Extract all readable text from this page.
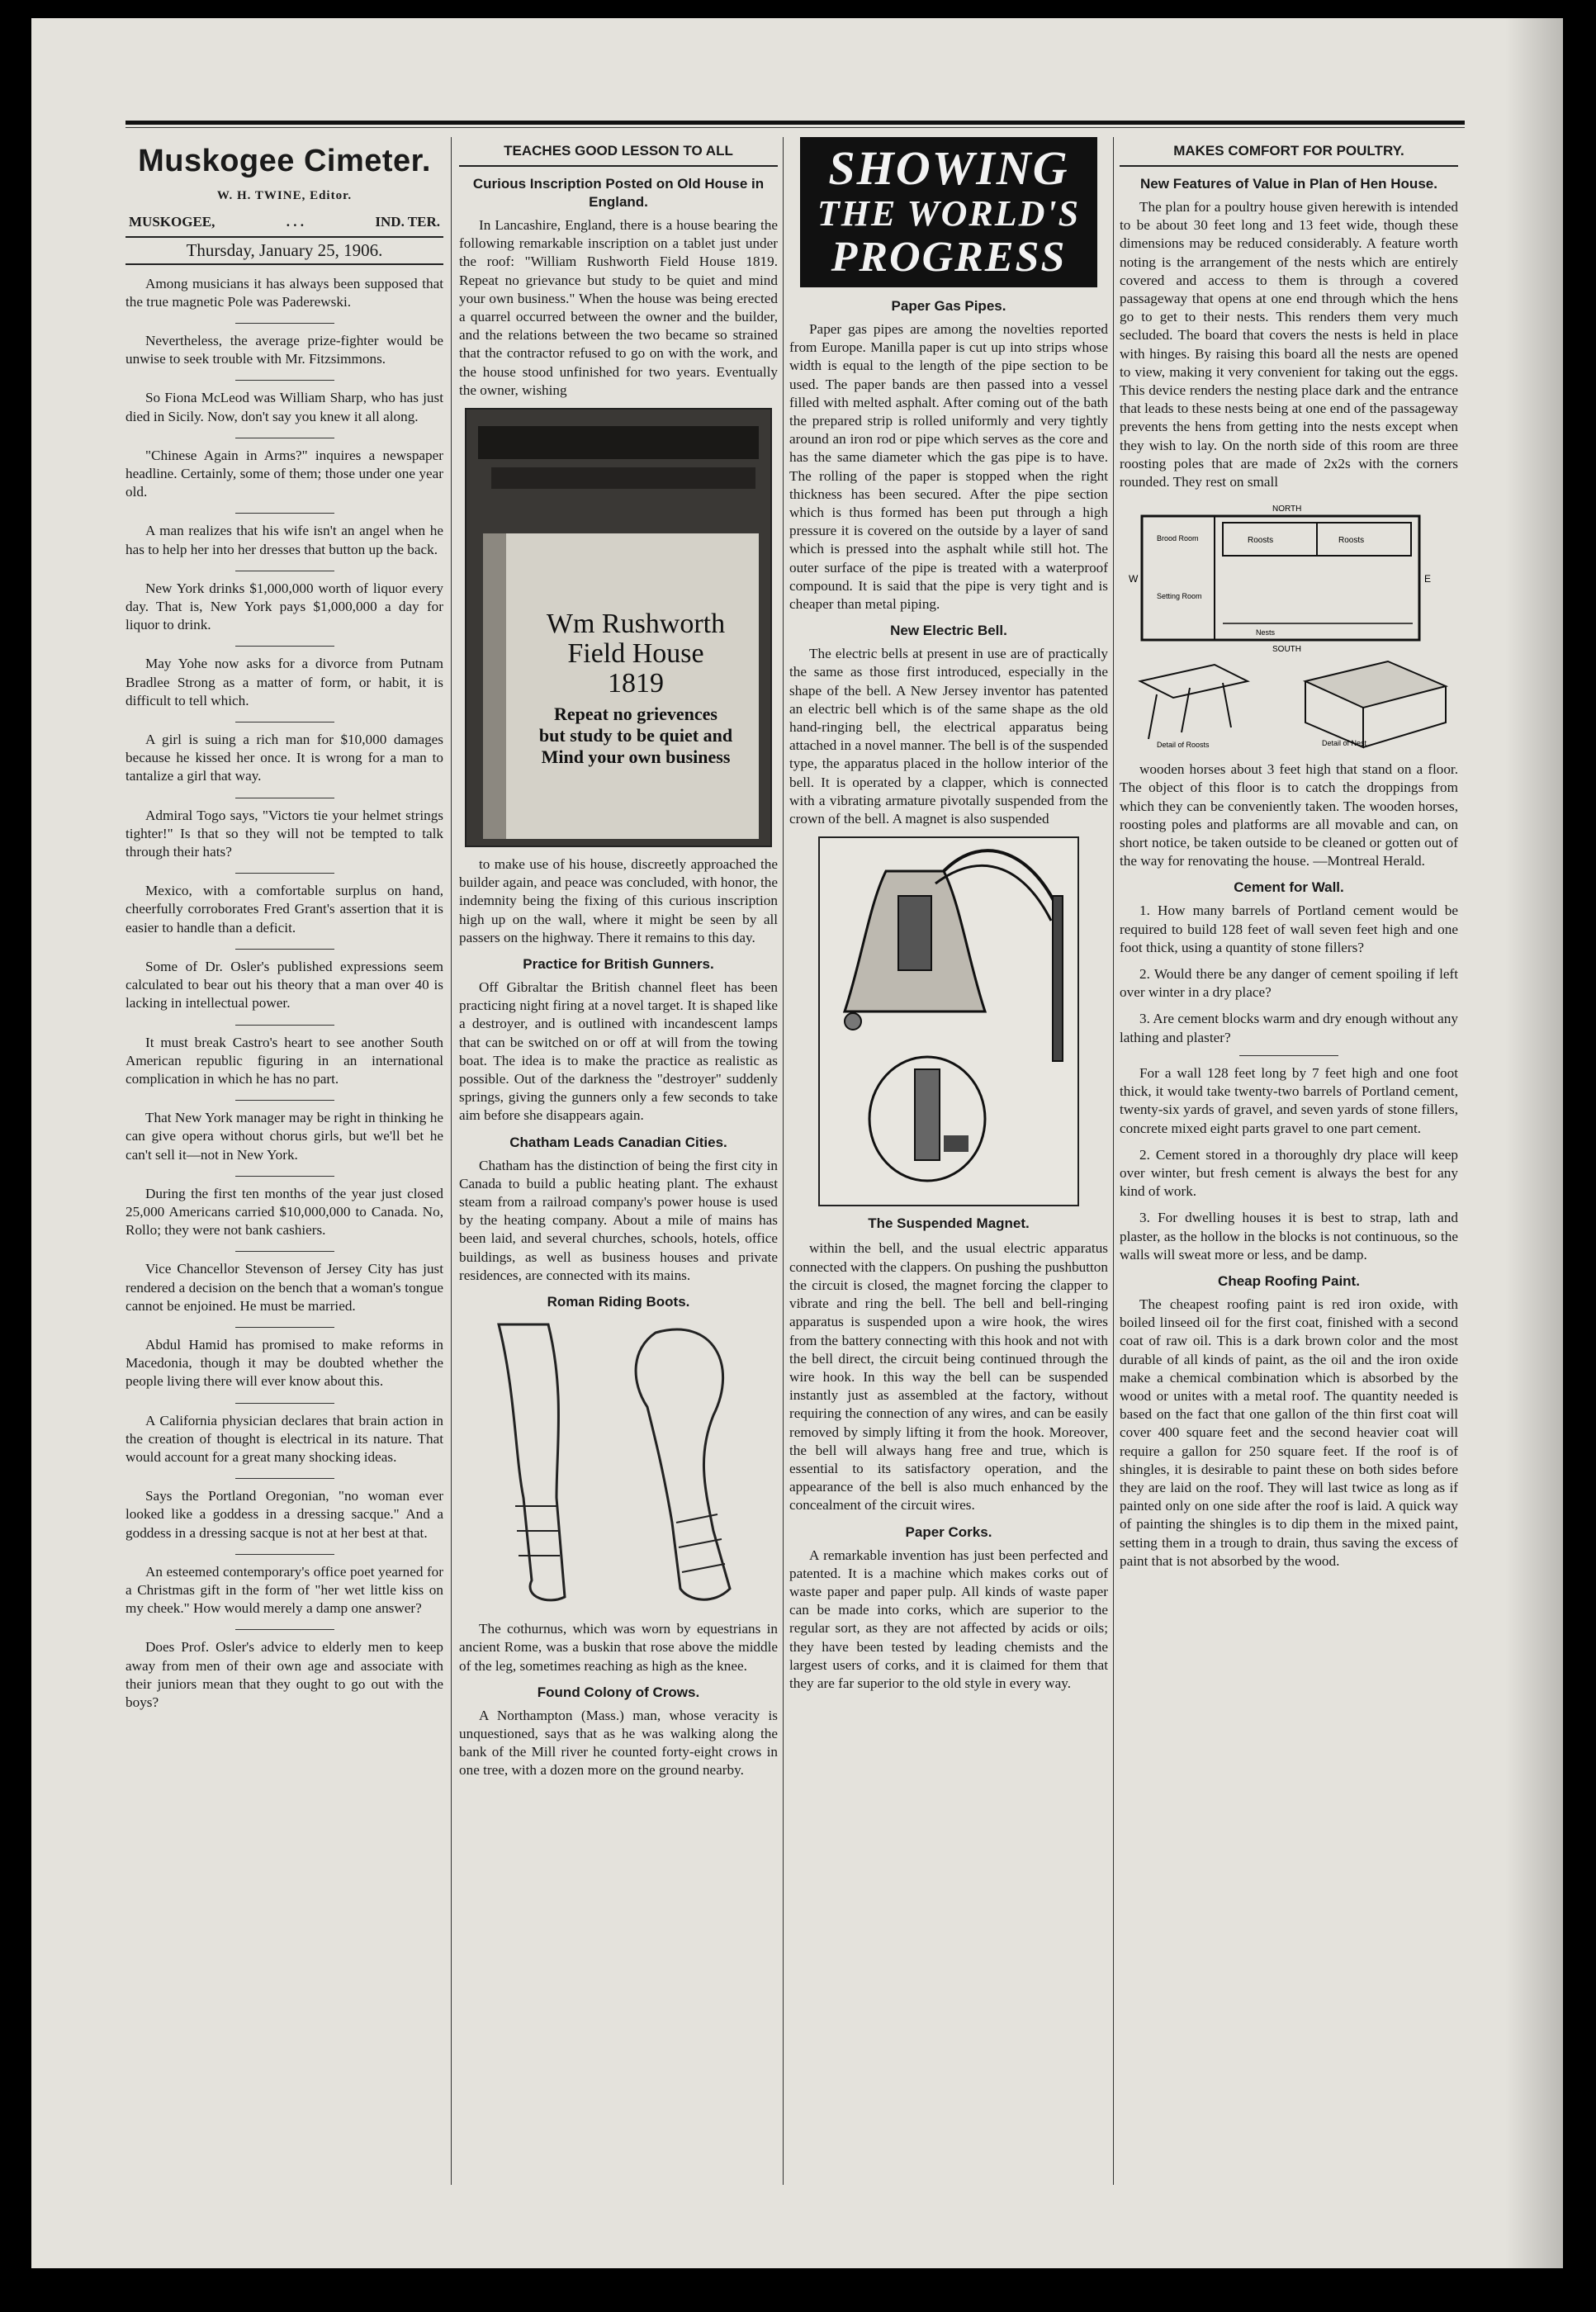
Muskogee Cimeter.
W. H. TWINE, Editor.
MUSKOGEE,	. . .	IND. TER.
Thursday, January 25, 1906.

Among musicians it has always been supposed that the true magnetic Pole was Paderewski.

Nevertheless, the average prize-fighter would be unwise to seek trouble with Mr. Fitzsimmons.

So Fiona McLeod was William Sharp, who has just died in Sicily. Now, don't say you knew it all along.

"Chinese Again in Arms?" inquires a newspaper headline. Certainly, some of them; those under one year old.

A man realizes that his wife isn't an angel when he has to help her into her dresses that button up the back.

New York drinks $1,000,000 worth of liquor every day. That is, New York pays $1,000,000 a day for liquor to drink.

May Yohe now asks for a divorce from Putnam Bradlee Strong as a matter of form, or habit, it is difficult to tell which.

A girl is suing a rich man for $10,000 damages because he kissed her once. It is wrong for a man to tantalize a girl that way.

Admiral Togo says, "Victors tie your helmet strings tighter!" Is that so they will not be tempted to talk through their hats?

Mexico, with a comfortable surplus on hand, cheerfully corroborates Fred Grant's assertion that it is easier to handle than a deficit.

Some of Dr. Osler's published expressions seem calculated to bear out his theory that a man over 40 is lacking in intellectual power.

It must break Castro's heart to see another South American republic figuring in an international complication in which he has no part.

That New York manager may be right in thinking he can give opera without chorus girls, but we'll bet he can't sell it—not in New York.

During the first ten months of the year just closed 25,000 Americans carried $10,000,000 to Canada. No, Rollo; they were not bank cashiers.

Vice Chancellor Stevenson of Jersey City has just rendered a decision on the bench that a woman's tongue cannot be enjoined. He must be married.

Abdul Hamid has promised to make reforms in Macedonia, though it may be doubted whether the people living there will ever know about this.

A California physician declares that brain action in the creation of thought is electrical in its nature. That would account for a great many shocking ideas.

Says the Portland Oregonian, "no woman ever looked like a goddess in a dressing sacque." And a goddess in a dressing sacque is not at her best at that.

An esteemed contemporary's office poet yearned for a Christmas gift in the form of "her wet little kiss on my cheek." How would merely a damp one answer?

Does Prof. Osler's advice to elderly men to keep away from men of their own age and associate with their juniors mean that they ought to go out with the boys?

TEACHES GOOD LESSON TO ALL
Curious Inscription Posted on Old House in England.

In Lancashire, England, there is a house bearing the following remarkable inscription on a tablet just under the roof: "William Rushworth Field House 1819. Repeat no grievance but study to be quiet and mind your own business." When the house was being erected a quarrel occurred between the owner and the builder, and the relations between the two became so strained that the contractor refused to go on with the work, and the house stood unfinished for two years. Eventually the owner, wishing

Wm Rushworth
Field House
1819
Repeat no grievences
but study to be quiet and
Mind your own business

to make use of his house, discreetly approached the builder again, and peace was concluded, with honor, the indemnity being the fixing of this curious inscription high up on the wall, where it might be seen by all passers on the highway. There it remains to this day.

Practice for British Gunners.

Off Gibraltar the British channel fleet has been practicing night firing at a novel target. It is shaped like a destroyer, and is outlined with incandescent lamps that can be switched on or off at will from the towing boat. The idea is to make the practice as realistic as possible. Out of the darkness the "destroyer" suddenly springs, giving the gunners only a few seconds to take aim before she disappears again.

Chatham Leads Canadian Cities.

Chatham has the distinction of being the first city in Canada to build a public heating plant. The exhaust steam from a railroad company's power house is used by the heating company. About a mile of mains has been laid, and several churches, schools, hotels, office buildings, as well as business houses and private residences, are connected with its mains.

Roman Riding Boots.

The cothurnus, which was worn by equestrians in ancient Rome, was a buskin that rose above the middle of the leg, sometimes reaching as high as the knee.

Found Colony of Crows.

A Northampton (Mass.) man, whose veracity is unquestioned, says that as he was walking along the bank of the Mill river he counted forty-eight crows in one tree, with a dozen more on the ground nearby.

SHOWING
THE WORLD'S
PROGRESS
Paper Gas Pipes.

Paper gas pipes are among the novelties reported from Europe. Manilla paper is cut up into strips whose width is equal to the length of the pipe section to be used. The paper bands are then passed into a vessel filled with melted asphalt. After coming out of the bath the prepared strip is rolled uniformly and very tightly around an iron rod or pipe which serves as the core and has the same diameter which the gas pipe is to have. The rolling of the paper is stopped when the right thickness has been secured. After the pipe section which is thus formed has been put through a high pressure it is covered on the outside by a layer of sand which is pressed into the asphalt while still hot. The outer surface of the pipe is treated with a waterproof compound. It is said that the pipe is very tight and is cheaper than metal piping.

New Electric Bell.

The electric bells at present in use are of practically the same as those first introduced, especially in the shape of the bell. A New Jersey inventor has patented an electric bell which is of the same shape as the old hand-ringing bell, the electrical apparatus being attached in a novel manner. The bell is of the suspended type, the apparatus placed in the hollow interior of the bell. It is operated by a clapper, which is connected with a vibrating armature pivotally suspended from the crown of the bell. A magnet is also suspended

The Suspended Magnet.

within the bell, and the usual electric apparatus connected with the clappers. On pushing the pushbutton the circuit is closed, the magnet forcing the clapper to vibrate and ring the bell. The bell and bell-ringing apparatus is suspended upon a wire hook, the wires from the battery connecting with this hook and not with the bell direct, the circuit being continued through the wire hook. In this way the bell can be suspended instantly just as assembled at the factory, without requiring the connection of any wires, and can be easily removed by simply lifting it from the hook. Moreover, the bell will always hang free and true, which is essential to its satisfactory operation, and the appearance of the bell is also much enhanced by the concealment of the circuit wires.

Paper Corks.

A remarkable invention has just been perfected and patented. It is a machine which makes corks out of waste paper and paper pulp. All kinds of waste paper can be made into corks, which are superior to the regular sort, as they are not affected by acids or oils; they have been tested by leading chemists and the largest users of corks, and it is claimed for them that they are far superior to the old style in every way.

MAKES COMFORT FOR POULTRY.
New Features of Value in Plan of Hen House.

The plan for a poultry house given herewith is intended to be about 30 feet long and 13 feet wide, though these dimensions may be reduced considerably. A feature worth noting is the arrangement of the nests which are entirely covered and access to them is through a covered passageway that opens at one end through which the hens go to get to their nests. This renders them very much secluded. The board that covers the nests is held in place with hinges. By raising this board all the nests are opened to view, making it very convenient for taking out the eggs. This device renders the nesting place dark and the entrance that leads to these nests being at one end of the passageway prevents the hens from getting into the nests except when they wish to lay. On the north side of this room are three roosting poles that are made of 2x2s with the corners rounded. They rest on small

NORTH
Roosts	Roosts
Brood Room
Setting Room
Nests
W	E
SOUTH
Detail of Roosts	Detail of Nest

wooden horses about 3 feet high that stand on a floor. The object of this floor is to catch the droppings from which they can be conveniently taken. The wooden horses, roosting poles and platforms are all movable and can, on short notice, be taken outside to be cleaned or gotten out of the way for renovating the house. —Montreal Herald.

Cement for Wall.

1. How many barrels of Portland cement would be required to build 128 feet of wall seven feet high and one foot thick, using a quantity of stone fillers?

2. Would there be any danger of cement spoiling if left over winter in a dry place?

3. Are cement blocks warm and dry enough without any lathing and plaster?

For a wall 128 feet long by 7 feet high and one foot thick, it would take twenty-two barrels of Portland cement, twenty-six yards of gravel, and seven yards of stone fillers, concrete mixed eight parts gravel to one part cement.

2. Cement stored in a thoroughly dry place will keep over winter, but fresh cement is always the best for any kind of work.

3. For dwelling houses it is best to strap, lath and plaster, as the hollow in the blocks is not continuous, so the walls will sweat more or less, and be damp.

Cheap Roofing Paint.

The cheapest roofing paint is red iron oxide, with boiled linseed oil for the first coat, finished with a second coat of raw oil. This is a dark brown color and the most durable of all kinds of paint, as the oil and the iron oxide make a chemical combination which is absorbed by the wood or unites with a metal roof. The quantity needed is based on the fact that one gallon of the thin first coat will cover 400 square feet and the second heavier coat will require a gallon for 250 square feet. If the roof is of shingles, it is desirable to paint these on both sides before they are laid on the roof. They will last twice as long as if painted only on one side after the roof is laid. A quick way of painting the shingles is to dip them in the mixed paint, setting them in a trough to drain, thus saving the excess of paint that is not absorbed by the wood.
